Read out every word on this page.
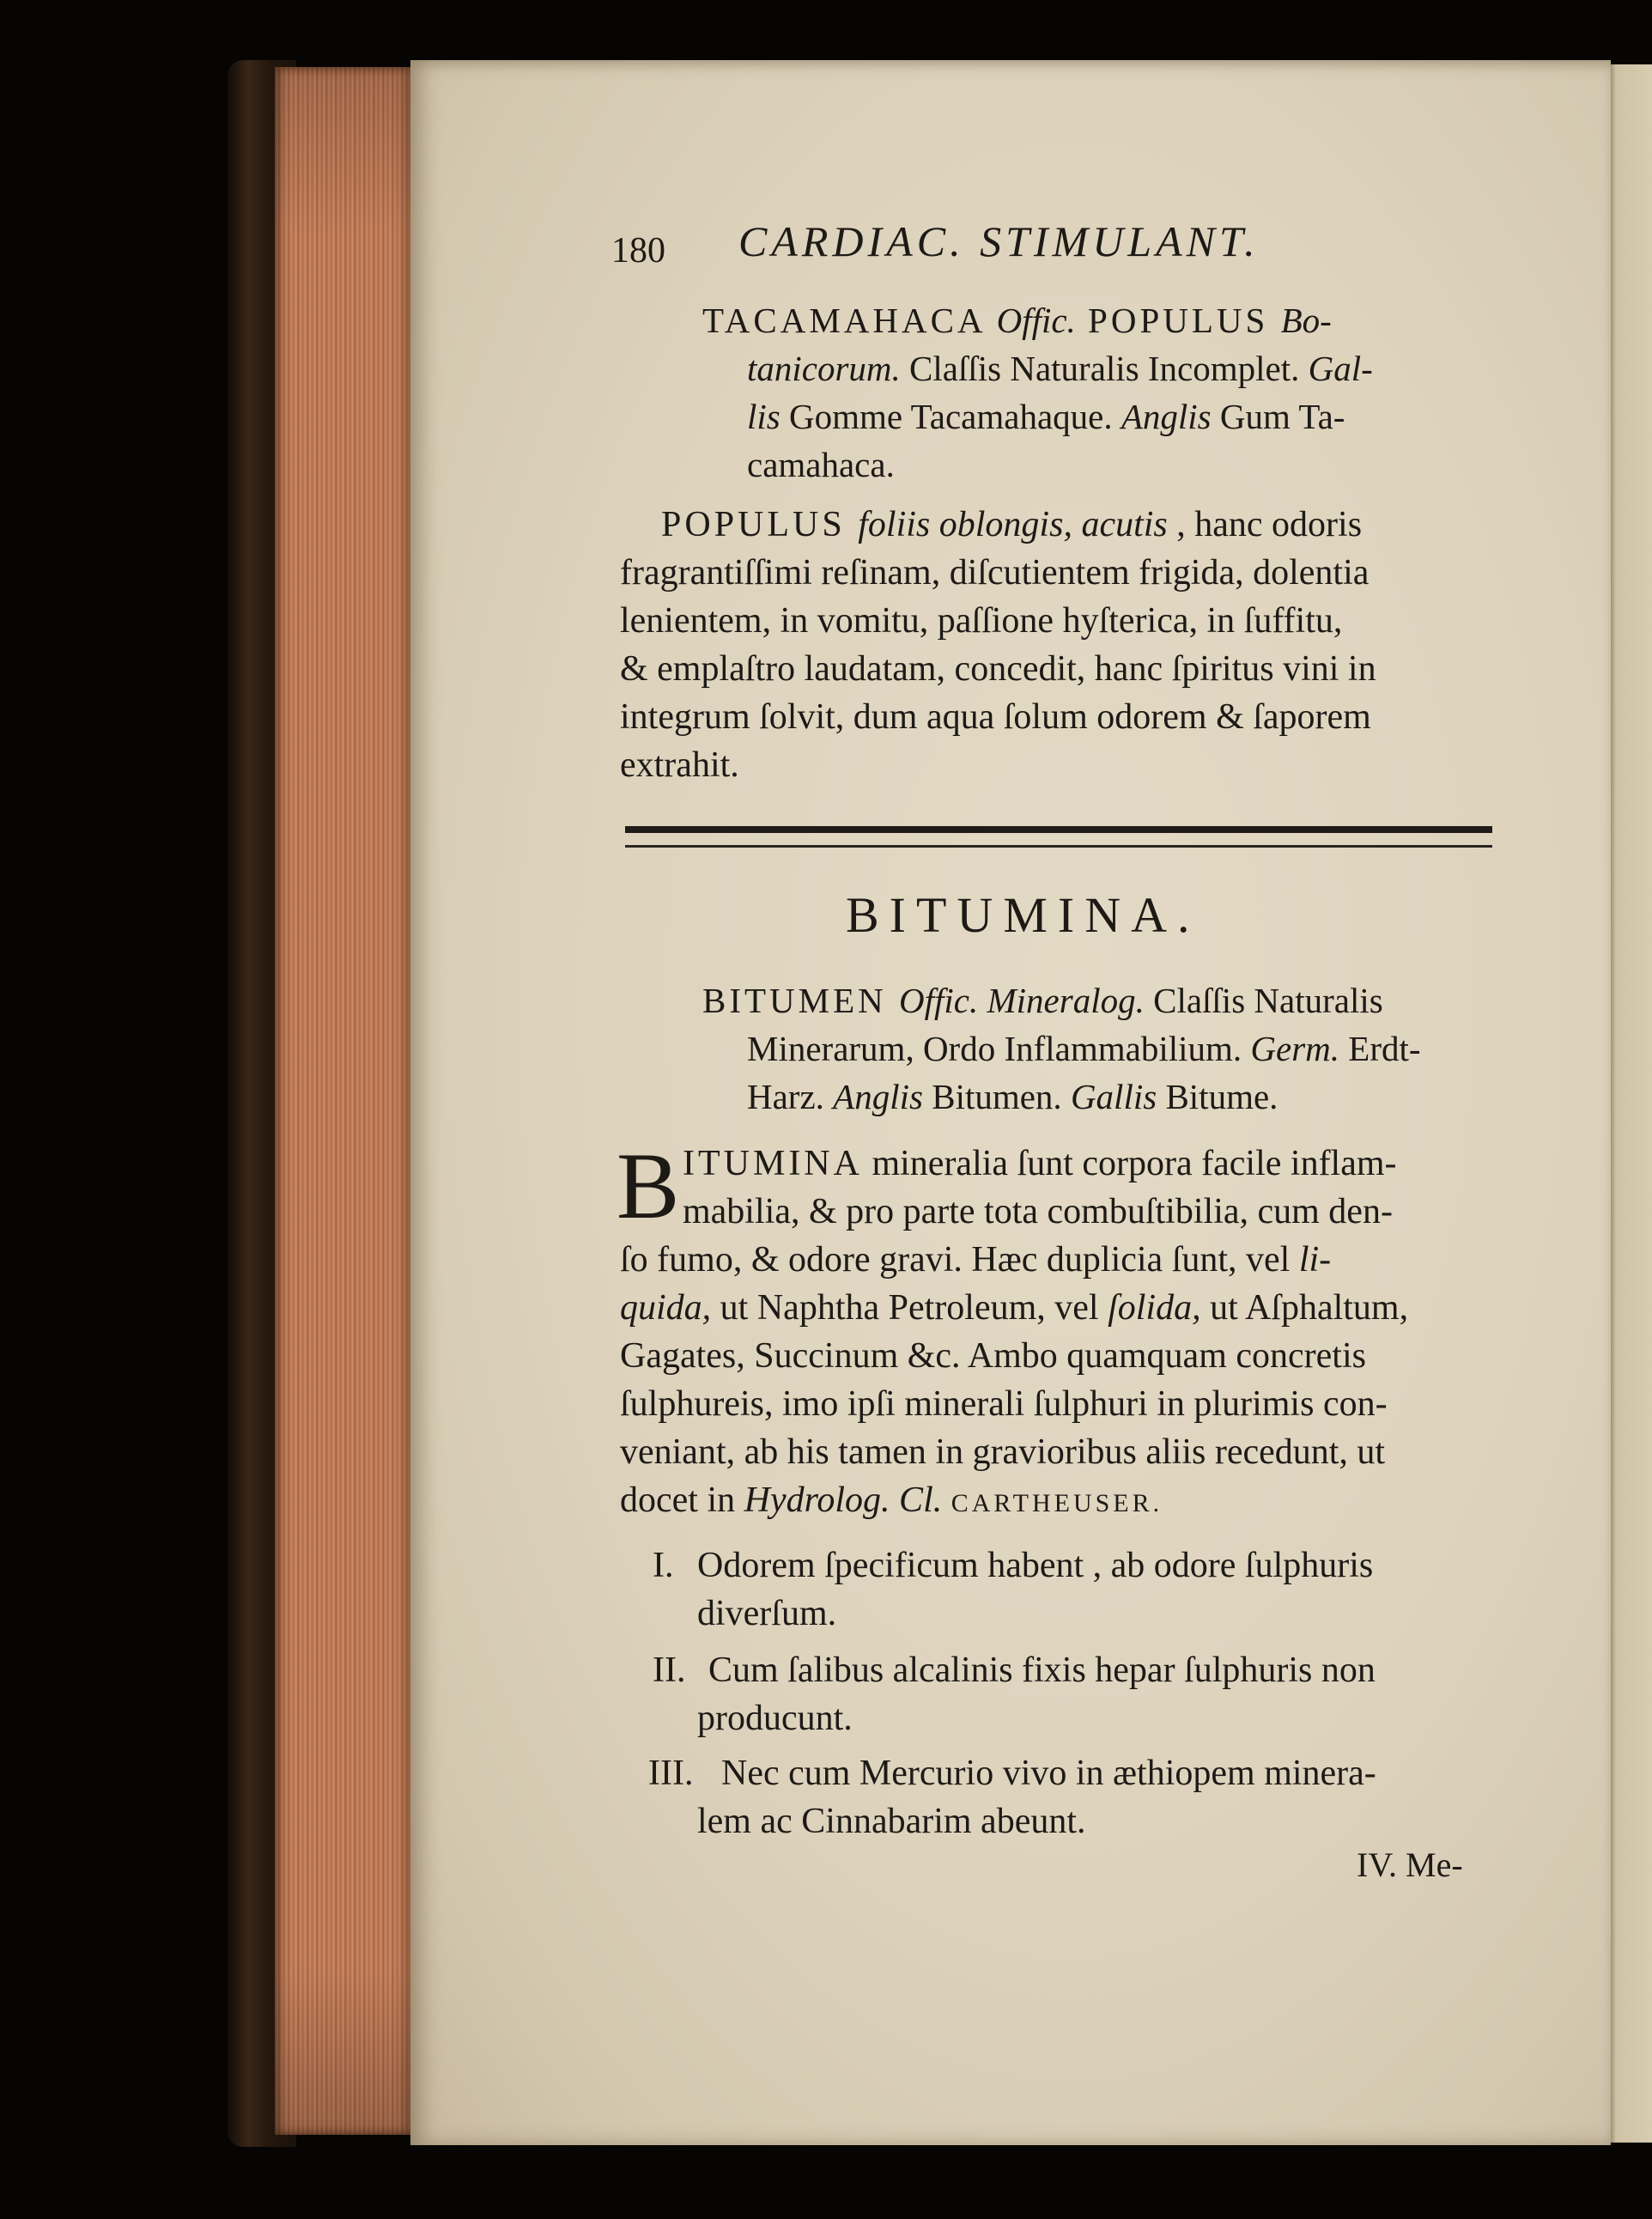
180 CARDIAC. STIMULANT.
TACAMAHACA Offic. POPULUS Bo-
tanicorum. Claſſis Naturalis Incomplet. Gal-
lis Gomme Tacamahaque. Anglis Gum Ta-
camahaca.
POPULUS foliis oblongis, acutis , hanc odoris
fragrantiſſimi reſinam, diſcutientem frigida, dolentia
lenientem, in vomitu, paſſione hyſterica, in ſuffitu,
& emplaſtro laudatam, concedit, hanc ſpiritus vini in
integrum ſolvit, dum aqua ſolum odorem & ſaporem
extrahit.
BITUMINA.
BITUMEN Offic. Mineralog. Claſſis Naturalis
Minerarum, Ordo Inflammabilium. Germ. Erdt-
Harz. Anglis Bitumen. Gallis Bitume.
B ITUMINA mineralia ſunt corpora facile inflam-
mabilia, & pro parte tota combuſtibilia, cum den-
ſo fumo, & odore gravi. Hæc duplicia ſunt, vel li-
quida, ut Naphtha Petroleum, vel ſolida, ut Aſphaltum,
Gagates, Succinum &c. Ambo quamquam concretis
ſulphureis, imo ipſi minerali ſulphuri in plurimis con-
veniant, ab his tamen in gravioribus aliis recedunt, ut
docet in Hydrolog. Cl. CARTHEUSER.
I. Odorem ſpecificum habent , ab odore ſulphuris
diverſum.
II. Cum ſalibus alcalinis fixis hepar ſulphuris non
producunt.
III. Nec cum Mercurio vivo in æthiopem minera-
lem ac Cinnabarim abeunt.
IV. Me-
